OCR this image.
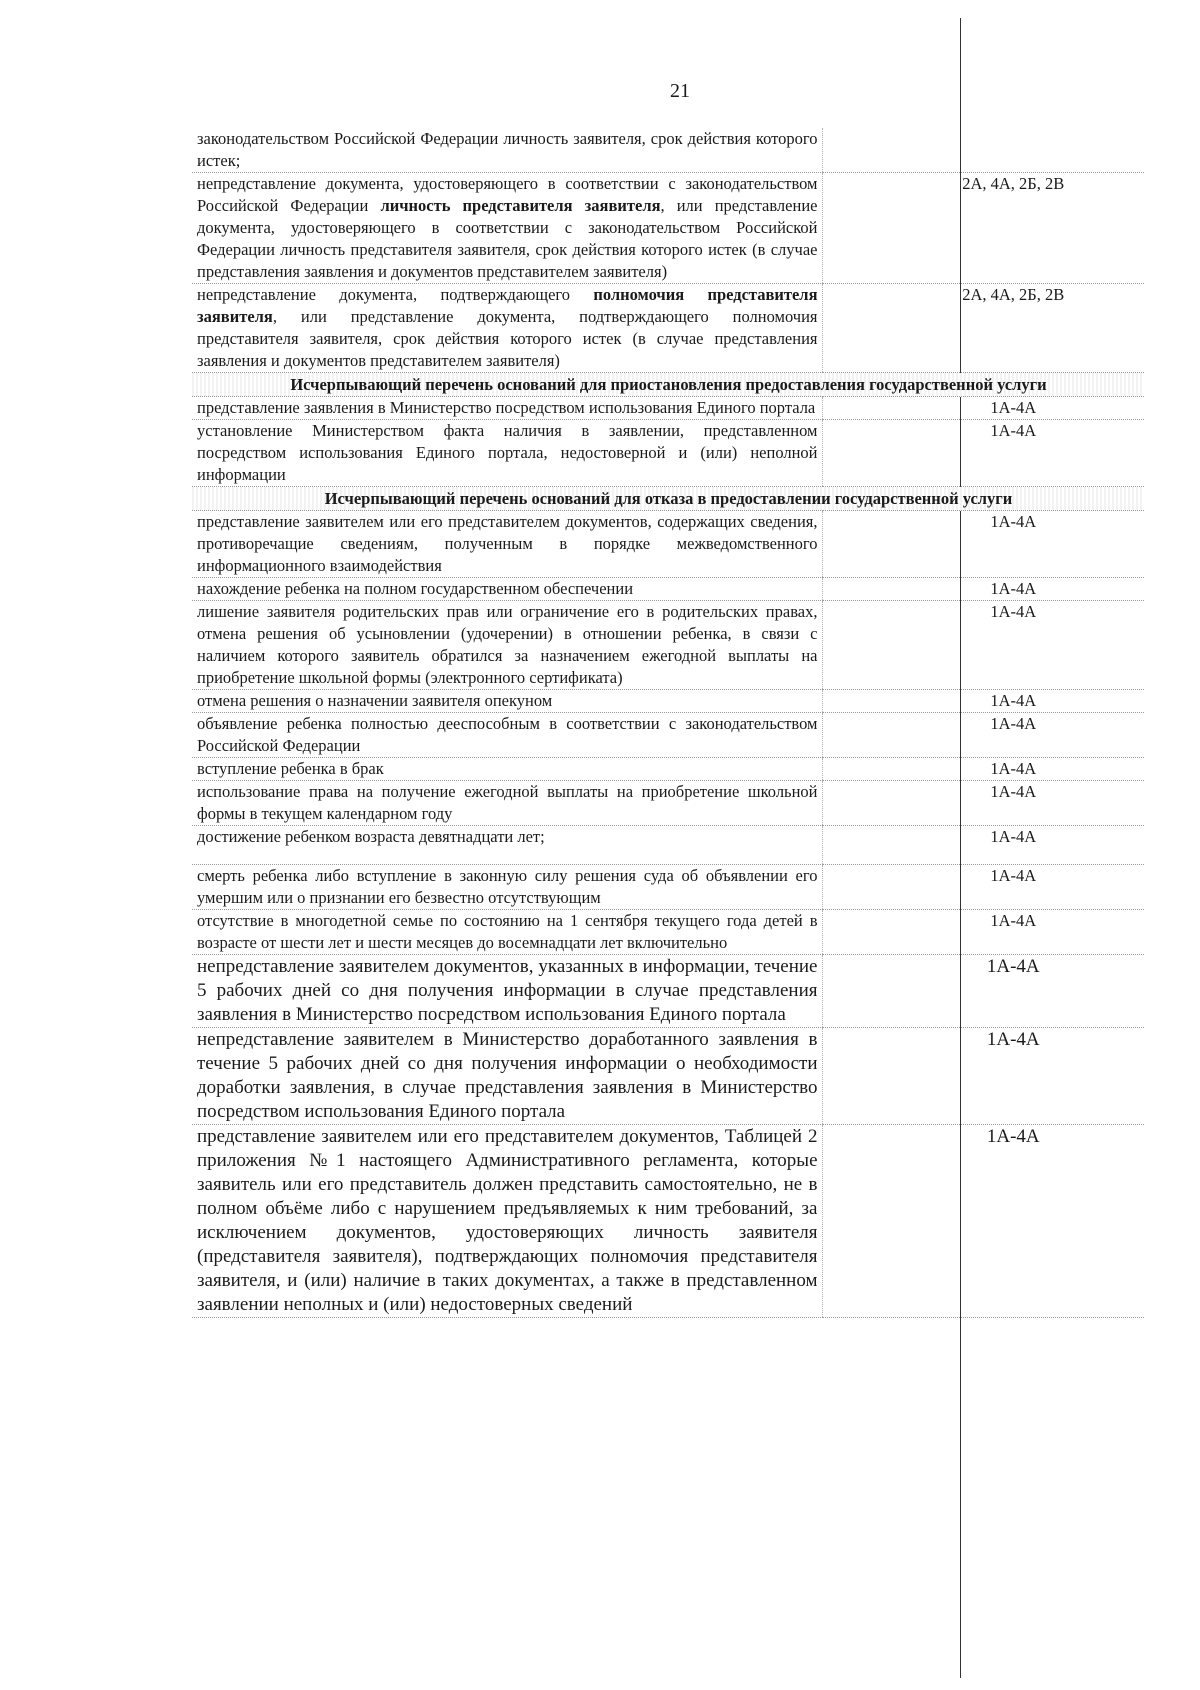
21
законодательством Российской Федерации личность заявителя, срок действия которого истек;	
непредставление документа, удостоверяющего в соответствии с законодательством Российской Федерации личность представителя заявителя, или представление документа, удостоверяющего в соответствии с законодательством Российской Федерации личность представителя заявителя, срок действия которого истек (в случае представления заявления и документов представителем заявителя)	2А, 4А, 2Б, 2В
непредставление документа, подтверждающего полномочия представителя заявителя, или представление документа, подтверждающего полномочия представителя заявителя, срок действия которого истек (в случае представления заявления и документов представителем заявителя)	2А, 4А, 2Б, 2В
Исчерпывающий перечень оснований для приостановления предоставления государственной услуги	
представление заявления в Министерство посредством использования Единого портала	1А-4А
установление Министерством факта наличия в заявлении, представленном посредством использования Единого портала, недостоверной и (или) неполной информации	1А-4А
Исчерпывающий перечень оснований для отказа в предоставлении государственной услуги	
представление заявителем или его представителем документов, содержащих сведения, противоречащие сведениям, полученным в порядке межведомственного информационного взаимодействия	1А-4А
нахождение ребенка на полном государственном обеспечении	1А-4А
лишение заявителя родительских прав или ограничение его в родительских правах, отмена решения об усыновлении (удочерении) в отношении ребенка, в связи с наличием которого заявитель обратился за назначением ежегодной выплаты на приобретение школьной формы (электронного сертификата)	1А-4А
отмена решения о назначении заявителя опекуном	1А-4А
объявление ребенка полностью дееспособным в соответствии с законодательством Российской Федерации	1А-4А
вступление ребенка в брак	1А-4А
использование права на получение ежегодной выплаты на приобретение школьной формы в текущем календарном году	1А-4А
достижение ребенком возраста девятнадцати лет;	1А-4А
смерть ребенка либо вступление в законную силу решения суда об объявлении его умершим или о признании его безвестно отсутствующим	1А-4А
отсутствие в многодетной семье по состоянию на 1 сентября текущего года детей в возрасте от шести лет и шести месяцев до восемнадцати лет включительно	1А-4А
непредставление заявителем документов, указанных в информации, течение 5 рабочих дней со дня получения информации в случае представления заявления в Министерство посредством использования Единого портала	1А-4А
непредставление заявителем в Министерство доработанного заявления в течение 5 рабочих дней со дня получения информации о необходимости доработки заявления, в случае представления заявления в Министерство посредством использования Единого портала	1А-4А
представление заявителем или его представителем документов, Таблицей 2 приложения №1 настоящего Административного регламента, которые заявитель или его представитель должен представить самостоятельно, не в полном объёме либо с нарушением предъявляемых к ним требований, за исключением документов, удостоверяющих личность заявителя (представителя заявителя), подтверждающих полномочия представителя заявителя, и (или) наличие в таких документах, а также в представленном заявлении неполных и (или) недостоверных сведений	1А-4А
